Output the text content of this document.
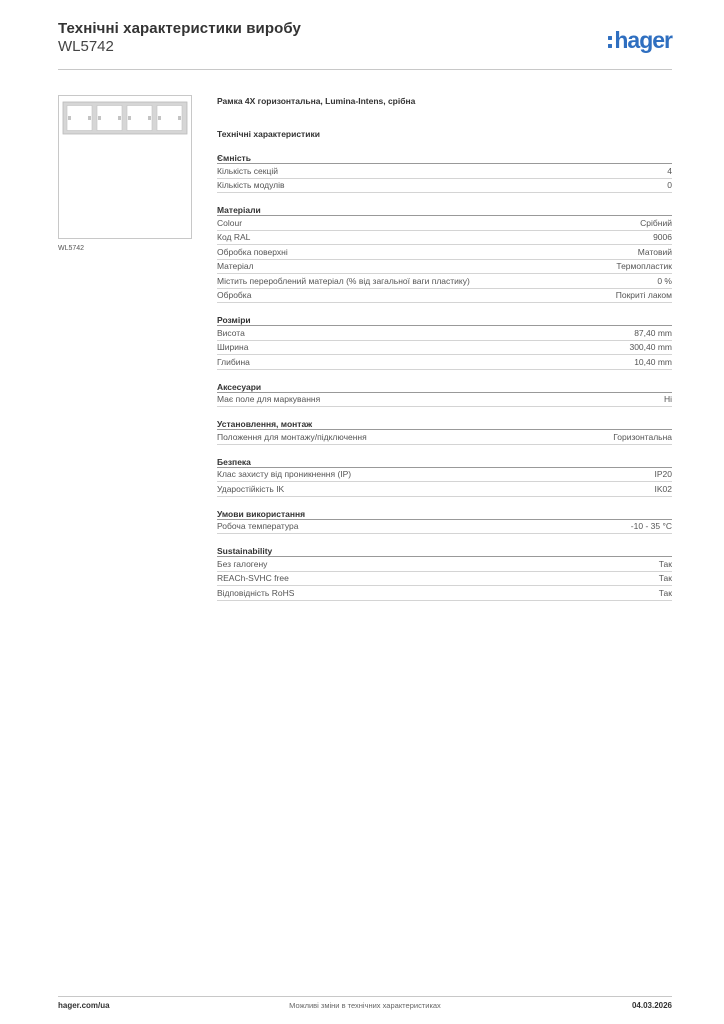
Технічні характеристики виробу
WL5742	hager
WL5742
Рамка 4X горизонтальна, Lumina-Intens, срібна
Технічні характеристики
Ємність
Кількість секцій	4
Кількість модулів	0
Матеріали
Colour	Срібний
Код RAL	9006
Обробка поверхні	Матовий
Матеріал	Термопластик
Містить перероблений матеріал (% від загальної ваги пластику)	0 %
Обробка	Покриті лаком
Розміри
Висота	87,40 mm
Ширина	300,40 mm
Глибина	10,40 mm
Аксесуари
Має поле для маркування	Ні
Установлення, монтаж
Положення для монтажу/підключення	Горизонтальна
Безпека
Клас захисту від проникнення (IP)	IP20
Ударостійкість IK	IK02
Умови використання
Робоча температура	-10 - 35 °C
Sustainability
Без галогену	Так
REACh-SVHC free	Так
Відповідність RoHS	Так
hager.com/ua	Можливі зміни в технічних характеристиках	04.03.2026
